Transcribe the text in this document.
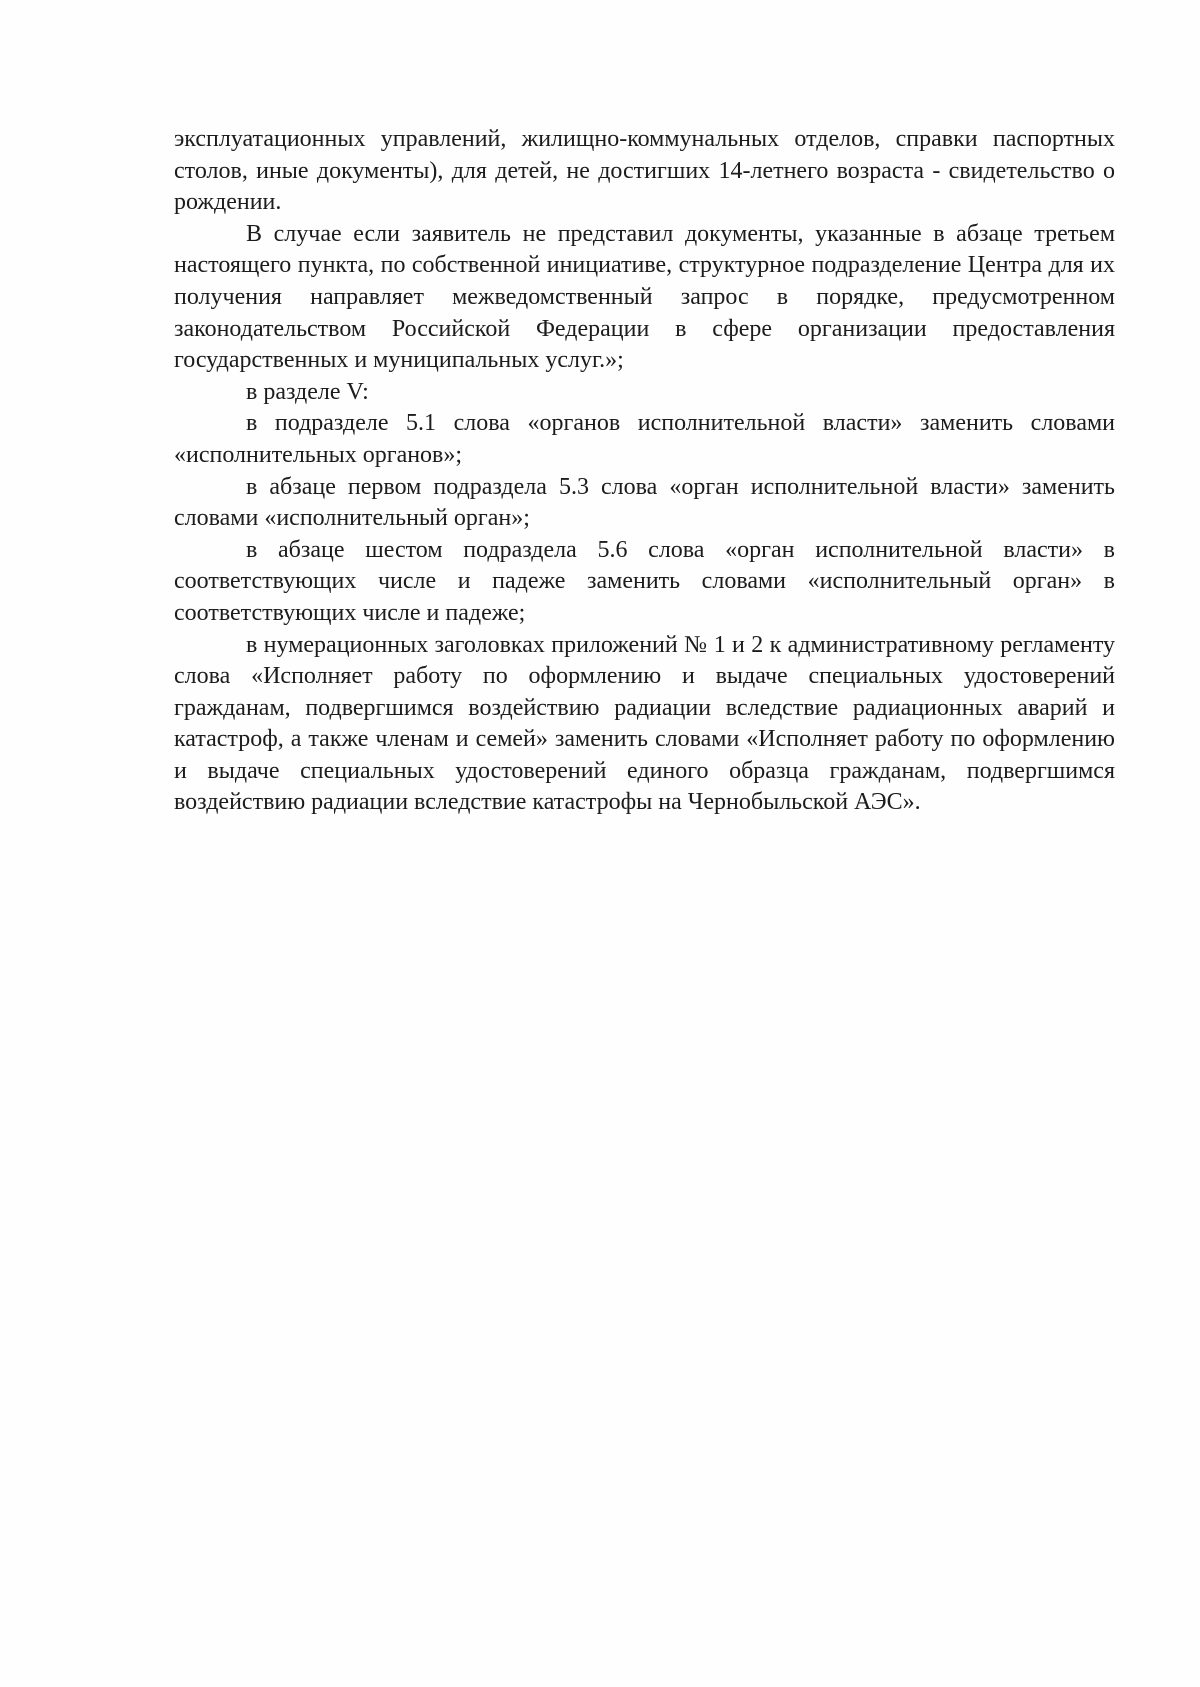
эксплуатационных управлений, жилищно-коммунальных отделов, справки паспортных столов, иные документы), для детей, не достигших 14-летнего возраста - свидетельство о рождении.

В случае если заявитель не представил документы, указанные в абзаце третьем настоящего пункта, по собственной инициативе, структурное подразделение Центра для их получения направляет межведомственный запрос в порядке, предусмотренном законодательством Российской Федерации в сфере организации предоставления государственных и муниципальных услуг.»;

в разделе V:

в подразделе 5.1 слова «органов исполнительной власти» заменить словами «исполнительных органов»;

в абзаце первом подраздела 5.3 слова «орган исполнительной власти» заменить словами «исполнительный орган»;

в абзаце шестом подраздела 5.6 слова «орган исполнительной власти» в соответствующих числе и падеже заменить словами «исполнительный орган» в соответствующих числе и падеже;

в нумерационных заголовках приложений № 1 и 2 к административному регламенту слова «Исполняет работу по оформлению и выдаче специальных удостоверений гражданам, подвергшимся воздействию радиации вследствие радиационных аварий и катастроф, а также членам и семей» заменить словами «Исполняет работу по оформлению и выдаче специальных удостоверений единого образца гражданам, подвергшимся воздействию радиации вследствие катастрофы на Чернобыльской АЭС».
